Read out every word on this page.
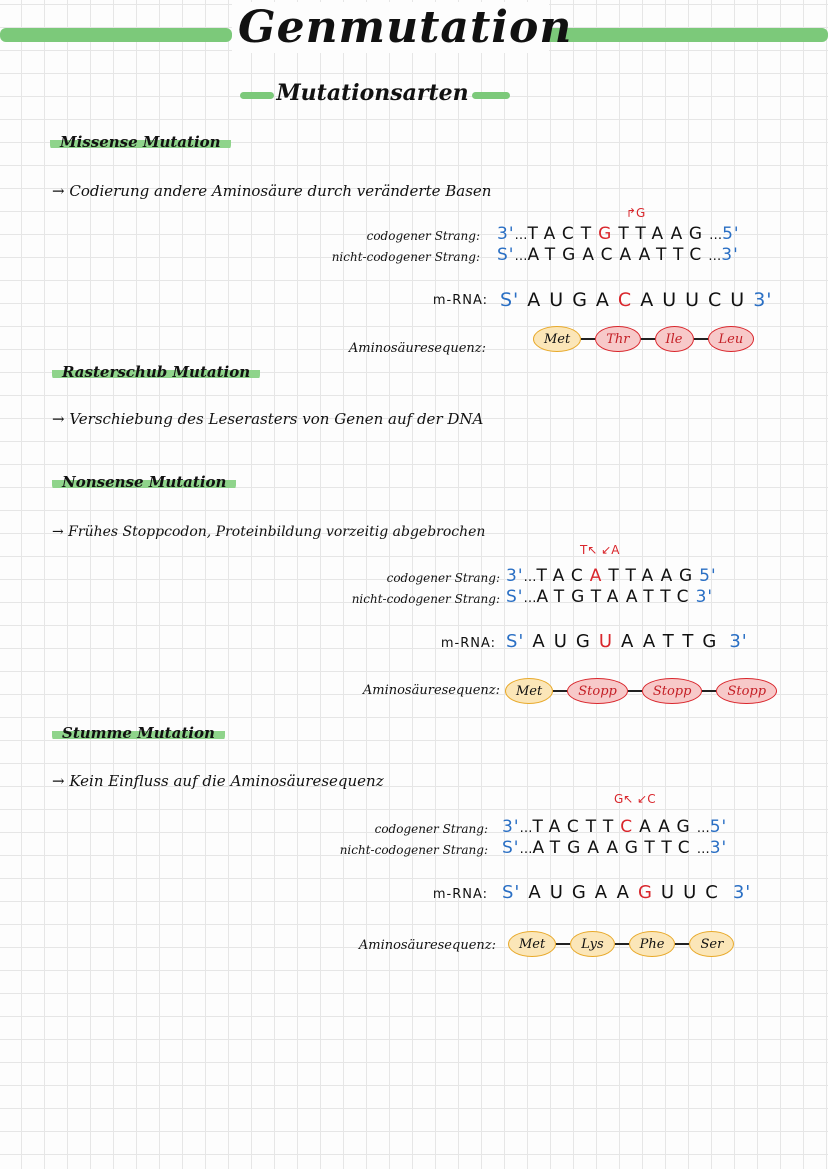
Genmutation
Mutationsarten
Missense Mutation
→ Codierung andere Aminosäure durch veränderte Basen
↱G
codogener Strang: 3'…TACTGTTAAG…5'
nicht-codogener Strang: S'…ATGACAATTC…3'
m-RNA: S' AUGACAUUCU3'
Aminosäuresequenz:
Met	Thr	Ile	Leu
Rasterschub Mutation
→ Verschiebung des Leserasters von Genen auf der DNA
Nonsense Mutation
→ Frühes Stoppcodon, Proteinbildung vorzeitig abgebrochen
T↖ ↙A
codogener Strang: 3'…TACATTAAG5'
nicht-codogener Strang: S'…ATGTAATTC3'
m-RNA: S' AUGUAATTG 3'
Aminosäuresequenz:	Met	Stopp	Stopp	Stopp
Stumme Mutation
→ Kein Einfluss auf die Aminosäuresequenz
G↖ ↙C
codogener Strang: 3'…TACTTCAAG…5'
nicht-codogener Strang: S'…ATGAAGTTC…3'
m-RNA: S' AUGAAGUUC 3'
Aminosäuresequenz:	Met	Lys	Phe	Ser
